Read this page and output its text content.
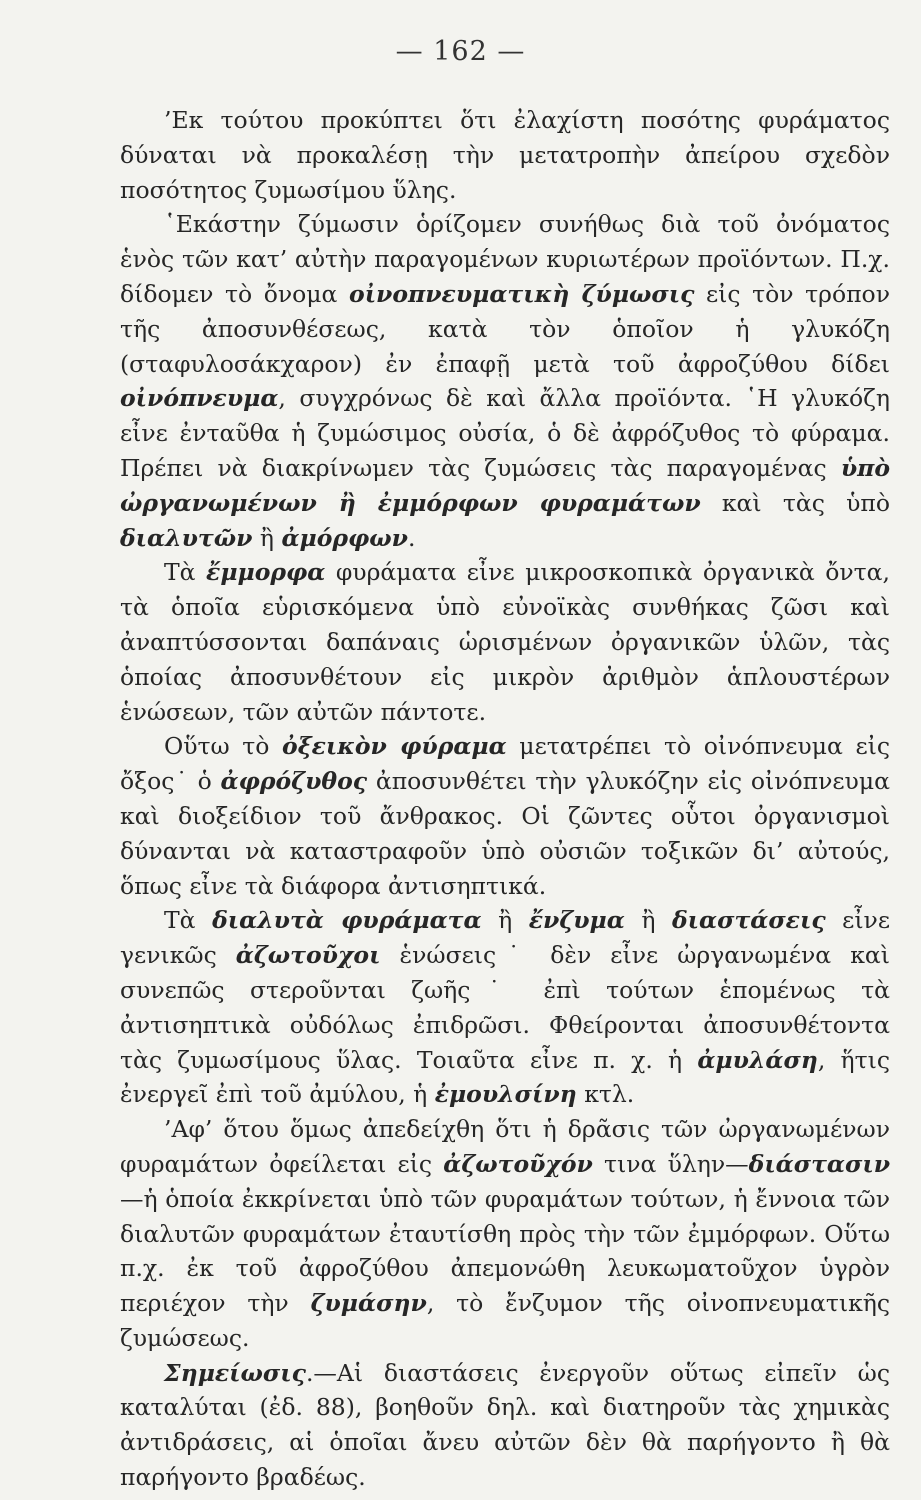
— 162 —

’Εκ τούτου προκύπτει ὅτι ἐλαχίστη ποσότης φυράματος δύναται νὰ προκαλέσῃ τὴν μετατροπὴν ἀπείρου σχεδὸν ποσότητος ζυμωσίμου ὕλης.

῾Εκάστην ζύμωσιν ὁρίζομεν συνήθως διὰ τοῦ ὀνόματος ἑνὸς τῶν κατ’ αὐτὴν παραγομένων κυριωτέρων προϊόντων. Π.χ. δίδομεν τὸ ὄνομα οἰνοπνευματικὴ ζύμωσις εἰς τὸν τρόπον τῆς ἀποσυνθέσεως, κατὰ τὸν ὁποῖον ἡ γλυκόζη (σταφυλοσάκχαρον) ἐν ἐπαφῇ μετὰ τοῦ ἀφροζύθου δίδει οἰνόπνευμα, συγχρόνως δὲ καὶ ἄλλα προϊόντα. ῾Η γλυκόζη εἶνε ἐνταῦθα ἡ ζυμώσιμος οὐσία, ὁ δὲ ἀφρόζυθος τὸ φύραμα. Πρέπει νὰ διακρίνωμεν τὰς ζυμώσεις τὰς παραγομένας ὑπὸ ὠργανωμένων ἢ ἐμμόρφων φυραμάτων καὶ τὰς ὑπὸ διαλυτῶν ἢ ἀμόρφων.

Τὰ ἔμμορφα φυράματα εἶνε μικροσκοπικὰ ὀργανικὰ ὄντα, τὰ ὁποῖα εὑρισκόμενα ὑπὸ εὐνοϊκὰς συνθήκας ζῶσι καὶ ἀναπτύσσονται δαπάναις ὡρισμένων ὀργανικῶν ὑλῶν, τὰς ὁποίας ἀποσυνθέτουν εἰς μικρὸν ἀριθμὸν ἁπλουστέρων ἑνώσεων, τῶν αὐτῶν πάντοτε.

Οὕτω τὸ ὀξεικὸν φύραμα μετατρέπει τὸ οἰνόπνευμα εἰς ὄξος˙ ὁ ἀφρόζυθος ἀποσυνθέτει τὴν γλυκόζην εἰς οἰνόπνευμα καὶ διοξείδιον τοῦ ἄνθρακος. Οἱ ζῶντες οὗτοι ὀργανισμοὶ δύνανται νὰ καταστραφοῦν ὑπὸ οὐσιῶν τοξικῶν δι’ αὐτούς, ὅπως εἶνε τὰ διάφορα ἀντισηπτικά.

Τὰ διαλυτὰ φυράματα ἢ ἔνζυμα ἢ διαστάσεις εἶνε γενικῶς ἀζωτοῦχοι ἑνώσεις˙ δὲν εἶνε ὠργανωμένα καὶ συνεπῶς στεροῦνται ζωῆς˙ ἐπὶ τούτων ἑπομένως τὰ ἀντισηπτικὰ οὐδόλως ἐπιδρῶσι. Φθείρονται ἀποσυνθέτοντα τὰς ζυμωσίμους ὕλας. Τοιαῦτα εἶνε π. χ. ἡ ἀμυλάση, ἥτις ἐνεργεῖ ἐπὶ τοῦ ἀμύλου, ἡ ἐμουλσίνη κτλ.

’Αφ’ ὅτου ὅμως ἀπεδείχθη ὅτι ἡ δρᾶσις τῶν ὠργανωμένων φυραμάτων ὀφείλεται εἰς ἀζωτοῦχόν τινα ὕλην—διάστασιν—ἡ ὁποία ἐκκρίνεται ὑπὸ τῶν φυραμάτων τούτων, ἡ ἔννοια τῶν διαλυτῶν φυραμάτων ἐταυτίσθη πρὸς τὴν τῶν ἐμμόρφων. Οὕτω π.χ. ἐκ τοῦ ἀφροζύθου ἀπεμονώθη λευκωματοῦχον ὑγρὸν περιέχον τὴν ζυμάσην, τὸ ἔνζυμον τῆς οἰνοπνευματικῆς ζυμώσεως.

Σημείωσις.—Αἱ διαστάσεις ἐνεργοῦν οὕτως εἰπεῖν ὡς καταλύται (ἐδ. 88), βοηθοῦν δηλ. καὶ διατηροῦν τὰς χημικὰς ἀντιδράσεις, αἱ ὁποῖαι ἄνευ αὐτῶν δὲν θὰ παρήγοντο ἢ θὰ παρήγοντο βραδέως.
